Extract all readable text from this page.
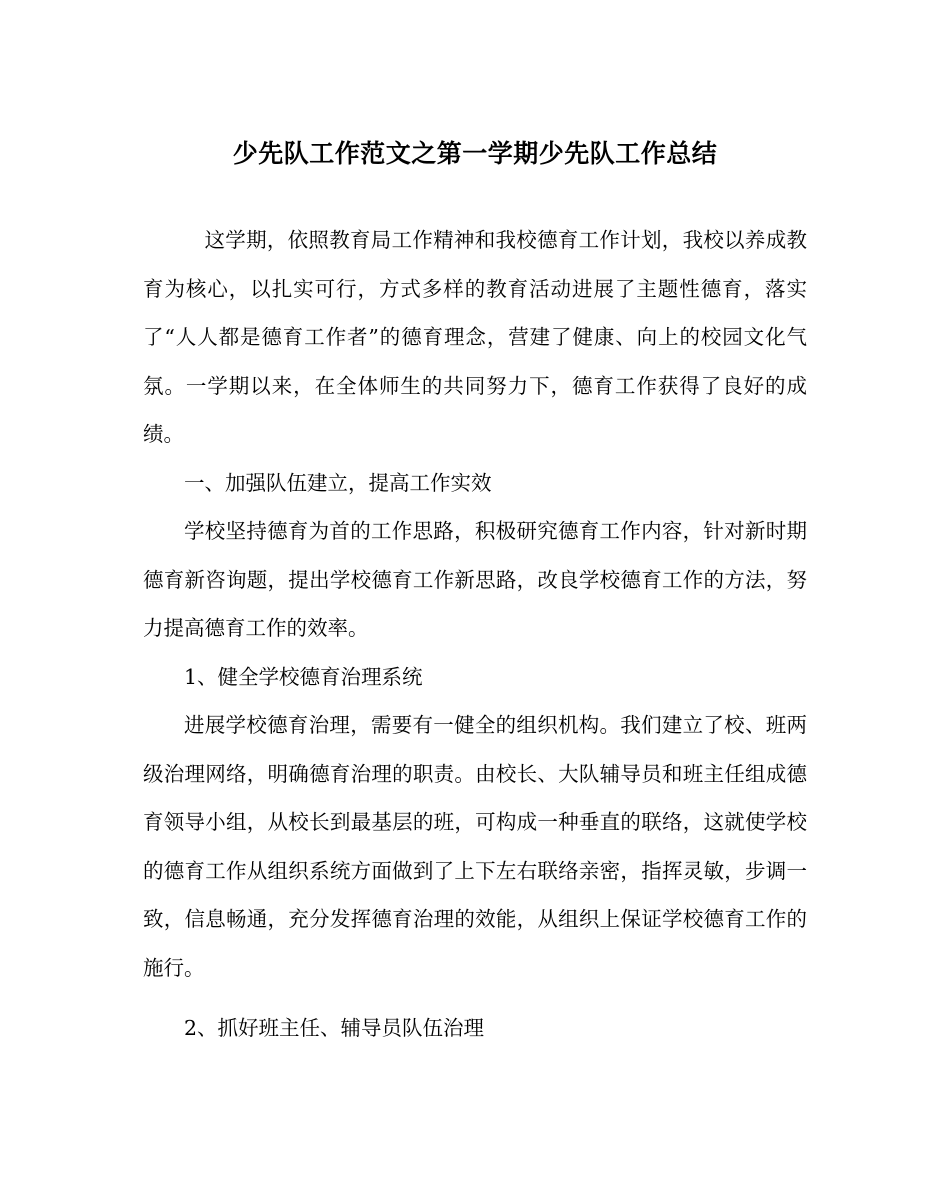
少先队工作范文之第一学期少先队工作总结

这学期，依照教育局工作精神和我校德育工作计划，我校以养成教育为核心，以扎实可行，方式多样的教育活动进展了主题性德育，落实了“人人都是德育工作者”的德育理念，营建了健康、向上的校园文化气氛。一学期以来，在全体师生的共同努力下，德育工作获得了良好的成绩。

一、加强队伍建立，提高工作实效

学校坚持德育为首的工作思路，积极研究德育工作内容，针对新时期德育新咨询题，提出学校德育工作新思路，改良学校德育工作的方法，努力提高德育工作的效率。

1、健全学校德育治理系统

进展学校德育治理，需要有一健全的组织机构。我们建立了校、班两级治理网络，明确德育治理的职责。由校长、大队辅导员和班主任组成德育领导小组，从校长到最基层的班，可构成一种垂直的联络，这就使学校的德育工作从组织系统方面做到了上下左右联络亲密，指挥灵敏，步调一致，信息畅通，充分发挥德育治理的效能，从组织上保证学校德育工作的施行。

2、抓好班主任、辅导员队伍治理
